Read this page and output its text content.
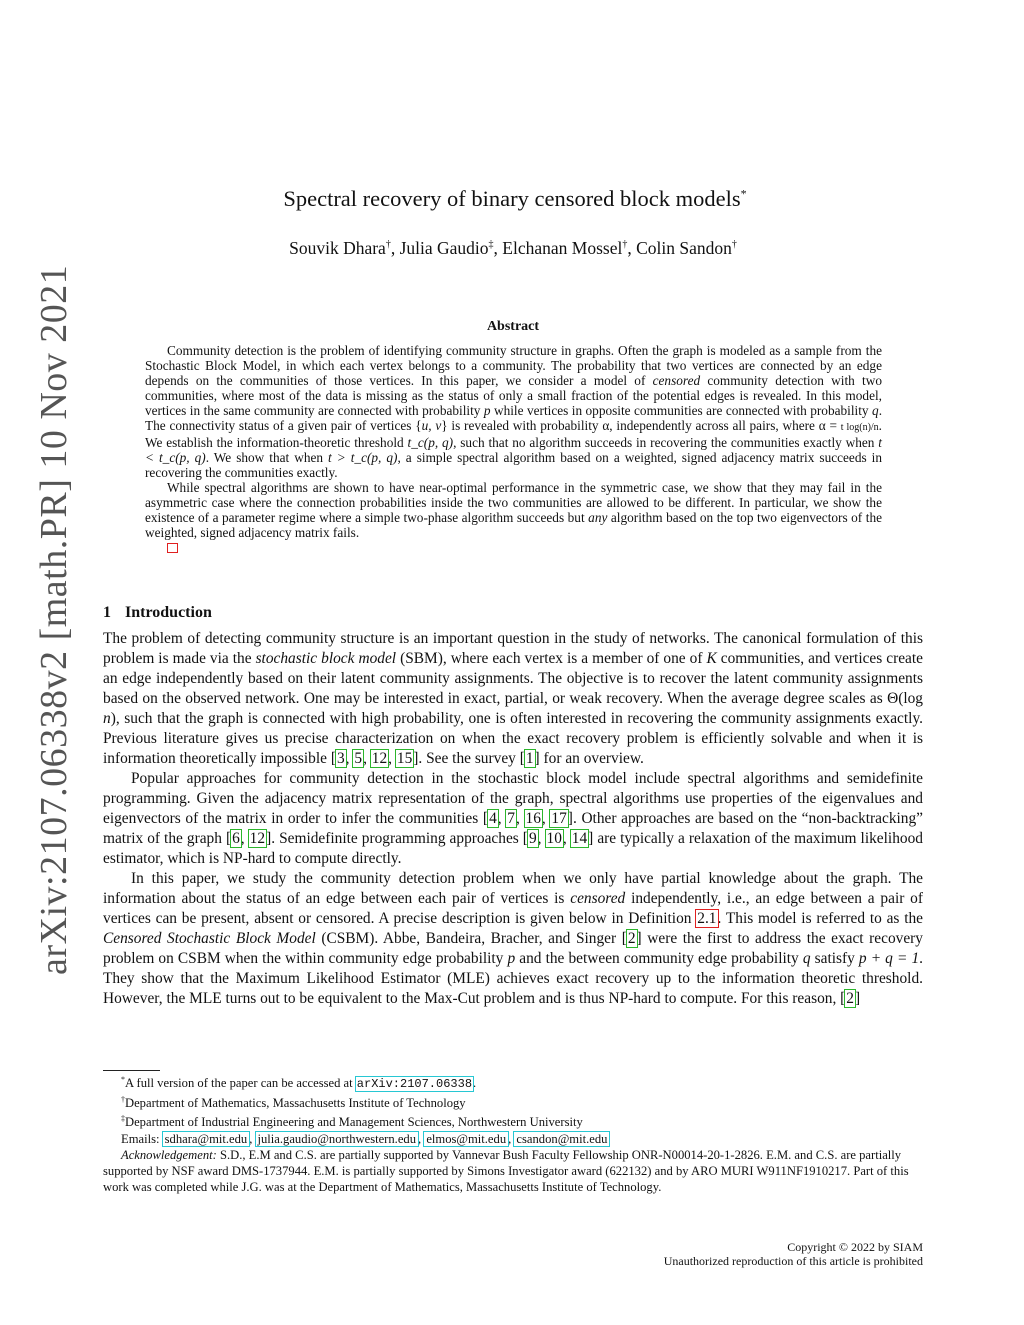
arXiv:2107.06338v2 [math.PR] 10 Nov 2021
Spectral recovery of binary censored block models*
Souvik Dhara†, Julia Gaudio‡, Elchanan Mossel†, Colin Sandon†
Abstract

Community detection is the problem of identifying community structure in graphs. Often the graph is modeled as a sample from the Stochastic Block Model, in which each vertex belongs to a community. The probability that two vertices are connected by an edge depends on the communities of those vertices. In this paper, we consider a model of censored community detection with two communities, where most of the data is missing as the status of only a small fraction of the potential edges is revealed. In this model, vertices in the same community are connected with probability p while vertices in opposite communities are connected with probability q. The connectivity status of a given pair of vertices {u, v} is revealed with probability α, independently across all pairs, where α = t log(n)/n. We establish the information-theoretic threshold t_c(p, q), such that no algorithm succeeds in recovering the communities exactly when t < t_c(p, q). We show that when t > t_c(p, q), a simple spectral algorithm based on a weighted, signed adjacency matrix succeeds in recovering the communities exactly.

While spectral algorithms are shown to have near-optimal performance in the symmetric case, we show that they may fail in the asymmetric case where the connection probabilities inside the two communities are allowed to be different. In particular, we show the existence of a parameter regime where a simple two-phase algorithm succeeds but any algorithm based on the top two eigenvectors of the weighted, signed adjacency matrix fails.

1 Introduction

The problem of detecting community structure is an important question in the study of networks. The canonical formulation of this problem is made via the stochastic block model (SBM), where each vertex is a member of one of K communities, and vertices create an edge independently based on their latent community assignments. The objective is to recover the latent community assignments based on the observed network. One may be interested in exact, partial, or weak recovery. When the average degree scales as Θ(log n), such that the graph is connected with high probability, one is often interested in recovering the community assignments exactly. Previous literature gives us precise characterization on when the exact recovery problem is efficiently solvable and when it is information theoretically impossible [3, 5, 12, 15]. See the survey [1] for an overview.

Popular approaches for community detection in the stochastic block model include spectral algorithms and semidefinite programming. Given the adjacency matrix representation of the graph, spectral algorithms use properties of the eigenvalues and eigenvectors of the matrix in order to infer the communities [4, 7, 16, 17]. Other approaches are based on the “non-backtracking” matrix of the graph [6, 12]. Semidefinite programming approaches [9, 10, 14] are typically a relaxation of the maximum likelihood estimator, which is NP-hard to compute directly.

In this paper, we study the community detection problem when we only have partial knowledge about the graph. The information about the status of an edge between each pair of vertices is censored independently, i.e., an edge between a pair of vertices can be present, absent or censored. A precise description is given below in Definition 2.1. This model is referred to as the Censored Stochastic Block Model (CSBM). Abbe, Bandeira, Bracher, and Singer [2] were the first to address the exact recovery problem on CSBM when the within community edge probability p and the between community edge probability q satisfy p + q = 1. They show that the Maximum Likelihood Estimator (MLE) achieves exact recovery up to the information theoretic threshold. However, the MLE turns out to be equivalent to the Max-Cut problem and is thus NP-hard to compute. For this reason, [2]

*A full version of the paper can be accessed at arXiv:2107.06338.

†Department of Mathematics, Massachusetts Institute of Technology

‡Department of Industrial Engineering and Management Sciences, Northwestern University

Emails: sdhara@mit.edu , julia.gaudio@northwestern.edu , elmos@mit.edu , csandon@mit.edu

Acknowledgement: S.D., E.M and C.S. are partially supported by Vannevar Bush Faculty Fellowship ONR-N00014-20-1-2826. E.M. and C.S. are partially supported by NSF award DMS-1737944. E.M. is partially supported by Simons Investigator award (622132) and by ARO MURI W911NF1910217. Part of this work was completed while J.G. was at the Department of Mathematics, Massachusetts Institute of Technology.

Copyright © 2022 by SIAM

Unauthorized reproduction of this article is prohibited
